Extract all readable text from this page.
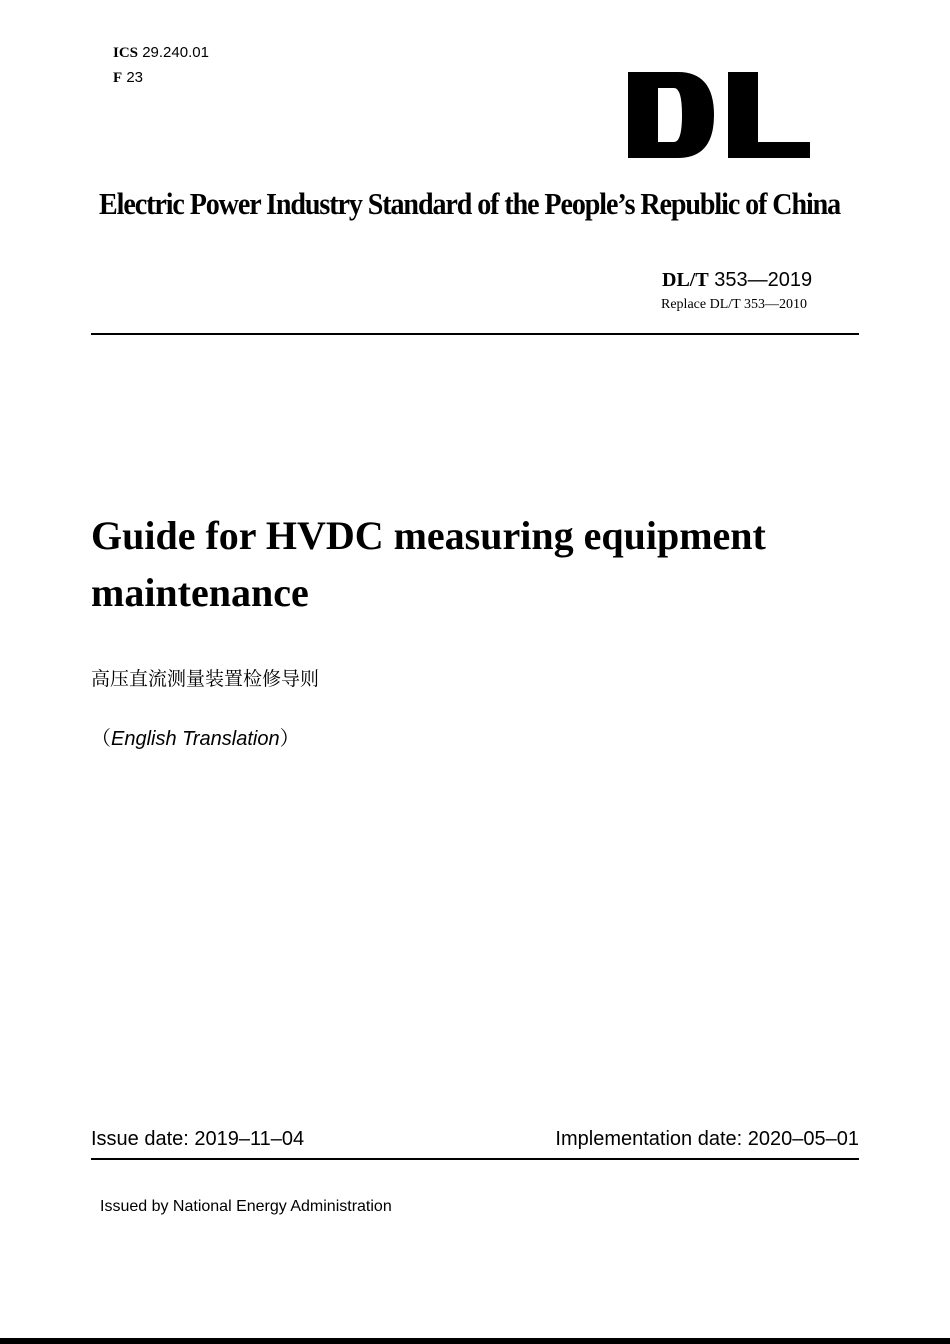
ICS 29.240.01
F 23
Electric Power Industry Standard of the People’s Republic of China
DL/T 353—2019
Replace DL/T 353—2010
Guide for HVDC measuring equipment maintenance
高压直流测量装置检修导则
（English Translation）
Issue date: 2019–11–04	Implementation date: 2020–05–01
Issued by National Energy Administration
